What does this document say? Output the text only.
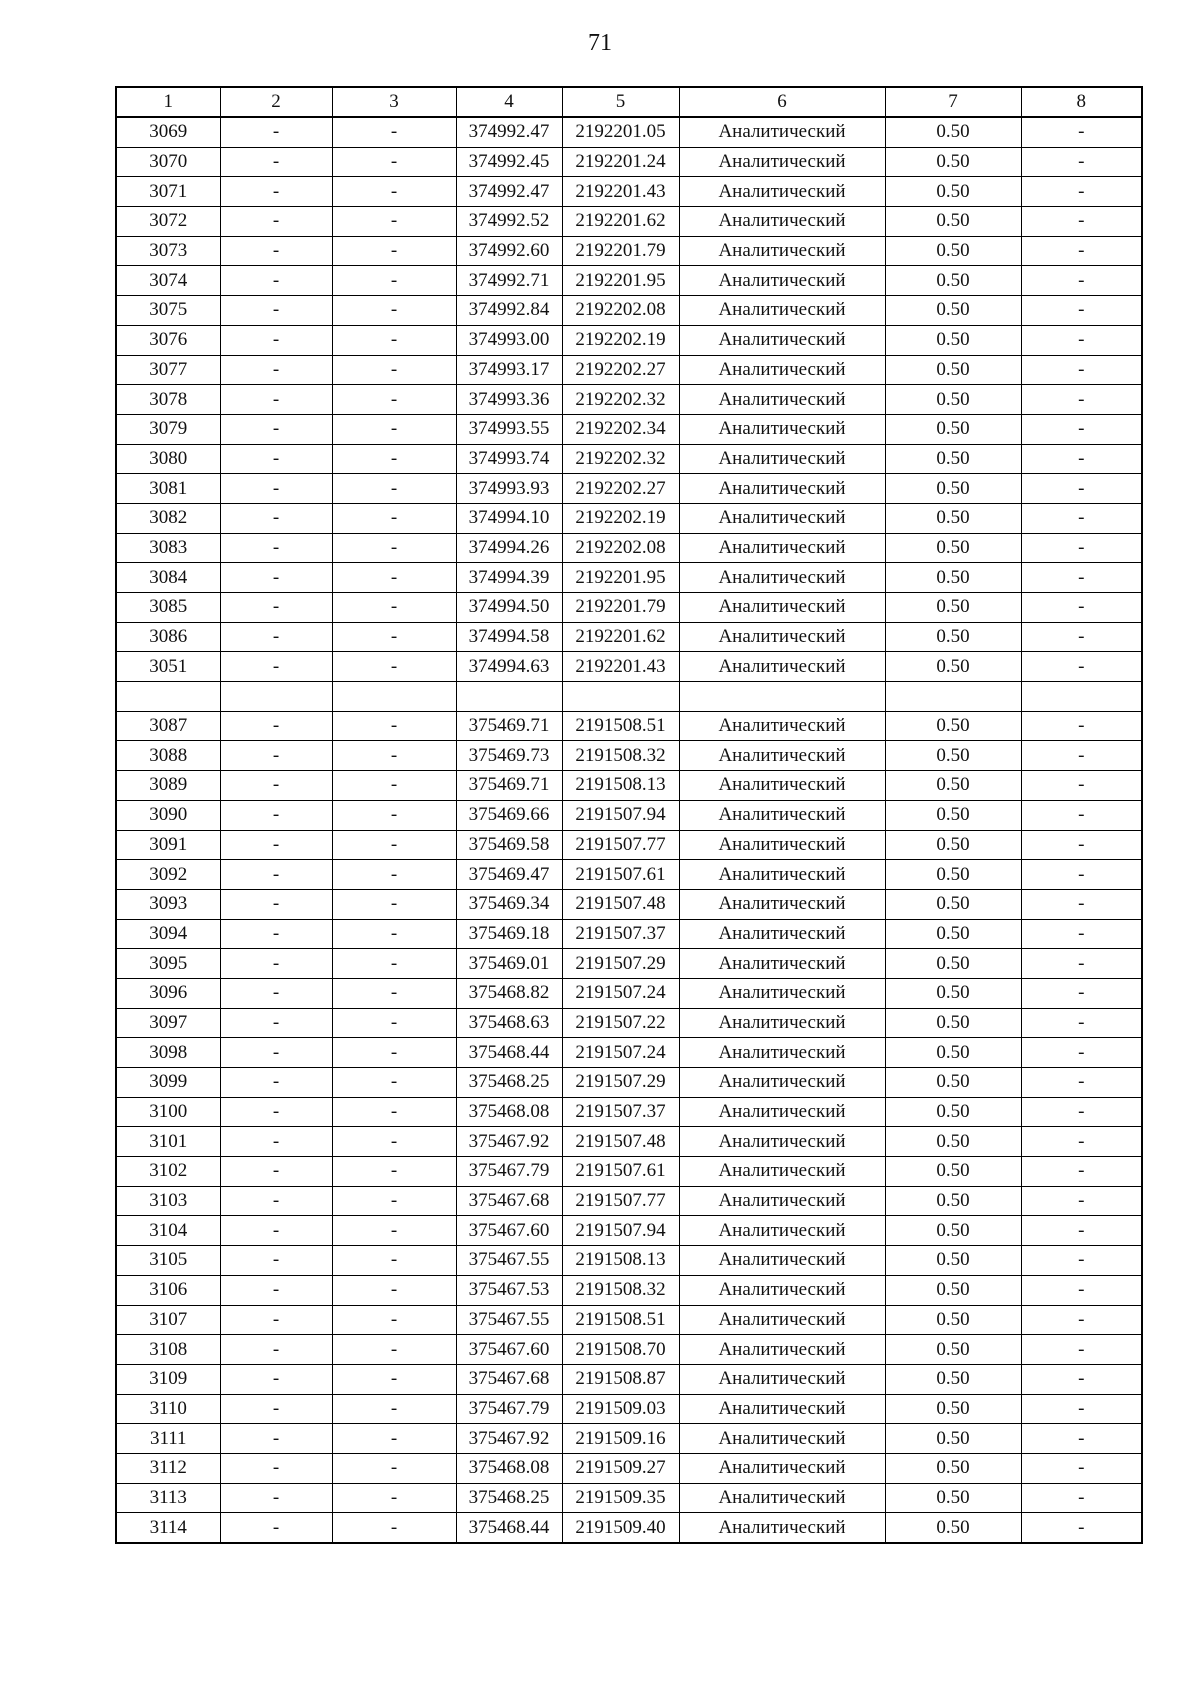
71
1	2	3	4	5	6	7	8
3069	-	-	374992.47	2192201.05	Аналитический	0.50	-
3070	-	-	374992.45	2192201.24	Аналитический	0.50	-
3071	-	-	374992.47	2192201.43	Аналитический	0.50	-
3072	-	-	374992.52	2192201.62	Аналитический	0.50	-
3073	-	-	374992.60	2192201.79	Аналитический	0.50	-
3074	-	-	374992.71	2192201.95	Аналитический	0.50	-
3075	-	-	374992.84	2192202.08	Аналитический	0.50	-
3076	-	-	374993.00	2192202.19	Аналитический	0.50	-
3077	-	-	374993.17	2192202.27	Аналитический	0.50	-
3078	-	-	374993.36	2192202.32	Аналитический	0.50	-
3079	-	-	374993.55	2192202.34	Аналитический	0.50	-
3080	-	-	374993.74	2192202.32	Аналитический	0.50	-
3081	-	-	374993.93	2192202.27	Аналитический	0.50	-
3082	-	-	374994.10	2192202.19	Аналитический	0.50	-
3083	-	-	374994.26	2192202.08	Аналитический	0.50	-
3084	-	-	374994.39	2192201.95	Аналитический	0.50	-
3085	-	-	374994.50	2192201.79	Аналитический	0.50	-
3086	-	-	374994.58	2192201.62	Аналитический	0.50	-
3051	-	-	374994.63	2192201.43	Аналитический	0.50	-

3087	-	-	375469.71	2191508.51	Аналитический	0.50	-
3088	-	-	375469.73	2191508.32	Аналитический	0.50	-
3089	-	-	375469.71	2191508.13	Аналитический	0.50	-
3090	-	-	375469.66	2191507.94	Аналитический	0.50	-
3091	-	-	375469.58	2191507.77	Аналитический	0.50	-
3092	-	-	375469.47	2191507.61	Аналитический	0.50	-
3093	-	-	375469.34	2191507.48	Аналитический	0.50	-
3094	-	-	375469.18	2191507.37	Аналитический	0.50	-
3095	-	-	375469.01	2191507.29	Аналитический	0.50	-
3096	-	-	375468.82	2191507.24	Аналитический	0.50	-
3097	-	-	375468.63	2191507.22	Аналитический	0.50	-
3098	-	-	375468.44	2191507.24	Аналитический	0.50	-
3099	-	-	375468.25	2191507.29	Аналитический	0.50	-
3100	-	-	375468.08	2191507.37	Аналитический	0.50	-
3101	-	-	375467.92	2191507.48	Аналитический	0.50	-
3102	-	-	375467.79	2191507.61	Аналитический	0.50	-
3103	-	-	375467.68	2191507.77	Аналитический	0.50	-
3104	-	-	375467.60	2191507.94	Аналитический	0.50	-
3105	-	-	375467.55	2191508.13	Аналитический	0.50	-
3106	-	-	375467.53	2191508.32	Аналитический	0.50	-
3107	-	-	375467.55	2191508.51	Аналитический	0.50	-
3108	-	-	375467.60	2191508.70	Аналитический	0.50	-
3109	-	-	375467.68	2191508.87	Аналитический	0.50	-
3110	-	-	375467.79	2191509.03	Аналитический	0.50	-
3111	-	-	375467.92	2191509.16	Аналитический	0.50	-
3112	-	-	375468.08	2191509.27	Аналитический	0.50	-
3113	-	-	375468.25	2191509.35	Аналитический	0.50	-
3114	-	-	375468.44	2191509.40	Аналитический	0.50	-
